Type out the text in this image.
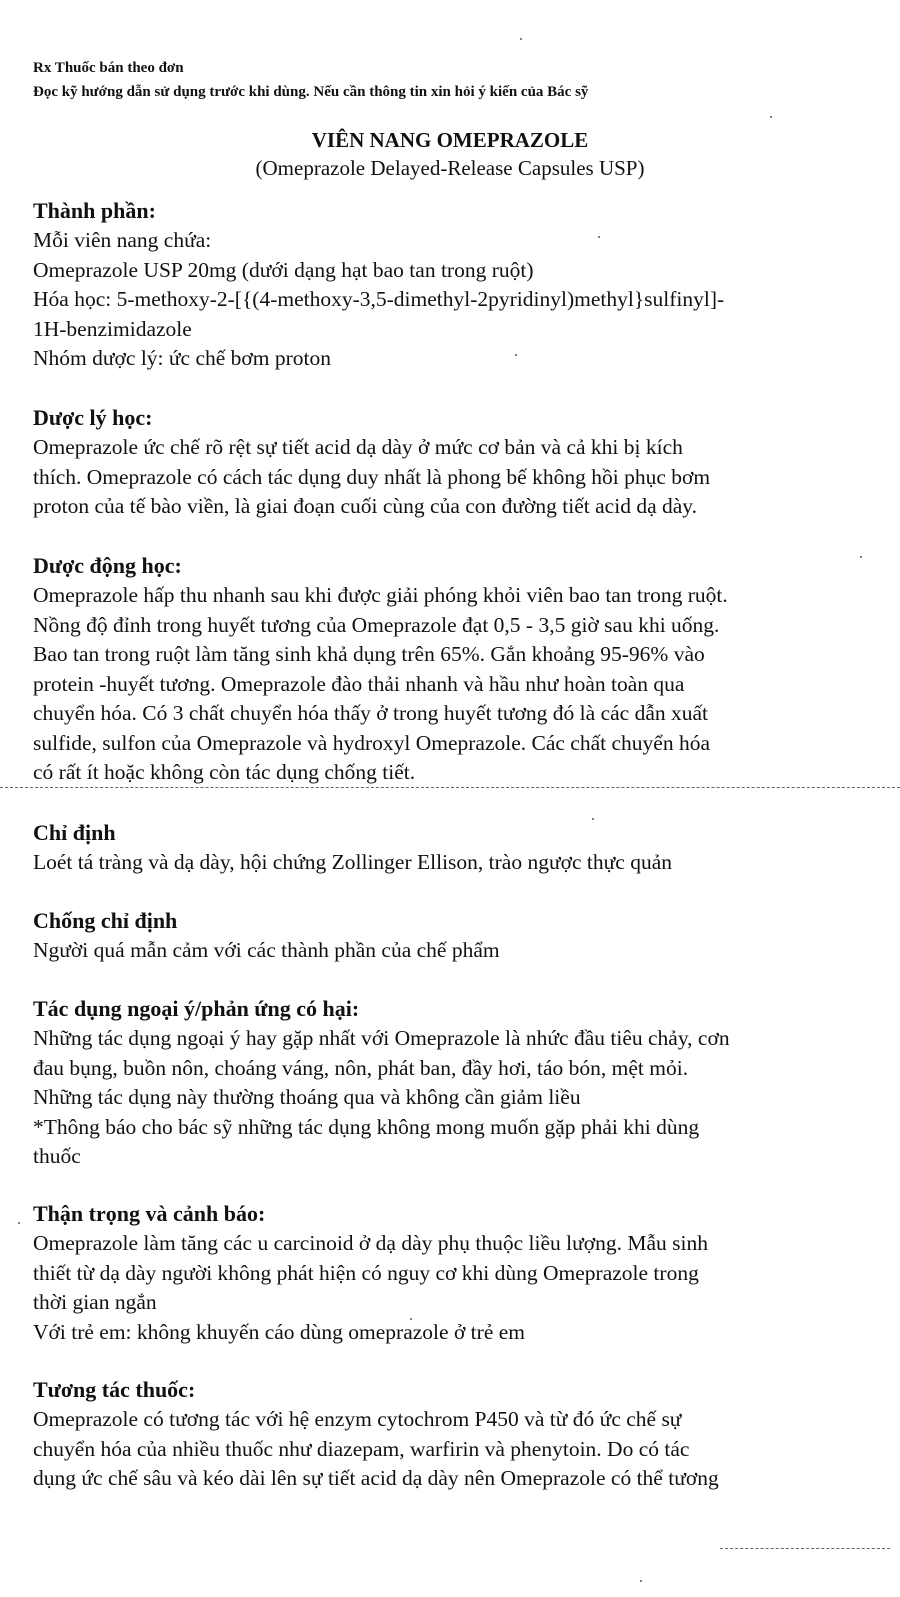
Rx Thuốc bán theo đơn
Đọc kỹ hướng dẫn sử dụng trước khi dùng. Nếu cần thông tin xin hỏi ý kiến của Bác sỹ
VIÊN NANG OMEPRAZOLE
(Omeprazole Delayed-Release Capsules USP)

Thành phần:

Mỗi viên nang chứa:

Omeprazole USP 20mg (dưới dạng hạt bao tan trong ruột)

Hóa học: 5-methoxy-2-[{(4-methoxy-3,5-dimethyl-2pyridinyl)methyl}sulfinyl]-

1H-benzimidazole

Nhóm dược lý: ức chế bơm proton

Dược lý học:

Omeprazole ức chế rõ rệt sự tiết acid dạ dày ở mức cơ bản và cả khi bị kích

thích. Omeprazole có cách tác dụng duy nhất là phong bế không hồi phục bơm

proton của tế bào viền, là giai đoạn cuối cùng của con đường tiết acid dạ dày.

Dược động học:

Omeprazole hấp thu nhanh sau khi được giải phóng khỏi viên bao tan trong ruột.

Nồng độ đỉnh trong huyết tương của Omeprazole đạt 0,5 - 3,5 giờ sau khi uống.

Bao tan trong ruột làm tăng sinh khả dụng trên 65%. Gắn khoảng 95-96% vào

protein -huyết tương. Omeprazole đào thải nhanh và hầu như hoàn toàn qua

chuyển hóa. Có 3 chất chuyển hóa thấy ở trong huyết tương đó là các dẫn xuất

sulfide, sulfon của Omeprazole và hydroxyl Omeprazole. Các chất chuyển hóa

có rất ít hoặc không còn tác dụng chống tiết.

Chỉ định

Loét tá tràng và dạ dày, hội chứng Zollinger Ellison, trào ngược thực quản

Chống chỉ định

Người quá mẫn cảm với các thành phần của chế phẩm

Tác dụng ngoại ý/phản ứng có hại:

Những tác dụng ngoại ý hay gặp nhất với Omeprazole là nhức đầu tiêu chảy, cơn

đau bụng, buồn nôn, choáng váng, nôn, phát ban, đầy hơi, táo bón, mệt mỏi.

Những tác dụng này thường thoáng qua và không cần giảm liều

*Thông báo cho bác sỹ những tác dụng không mong muốn gặp phải khi dùng

thuốc

Thận trọng và cảnh báo:

Omeprazole làm tăng các u carcinoid ở dạ dày phụ thuộc liều lượng. Mẫu sinh

thiết từ dạ dày người không phát hiện có nguy cơ khi dùng Omeprazole trong

thời gian ngắn

Với trẻ em: không khuyến cáo dùng omeprazole ở trẻ em

Tương tác thuốc:

Omeprazole có tương tác với hệ enzym cytochrom P450 và từ đó ức chế sự

chuyển hóa của nhiều thuốc như diazepam, warfirin và phenytoin. Do có tác

dụng ức chế sâu và kéo dài lên sự tiết acid dạ dày nên Omeprazole có thể tương
